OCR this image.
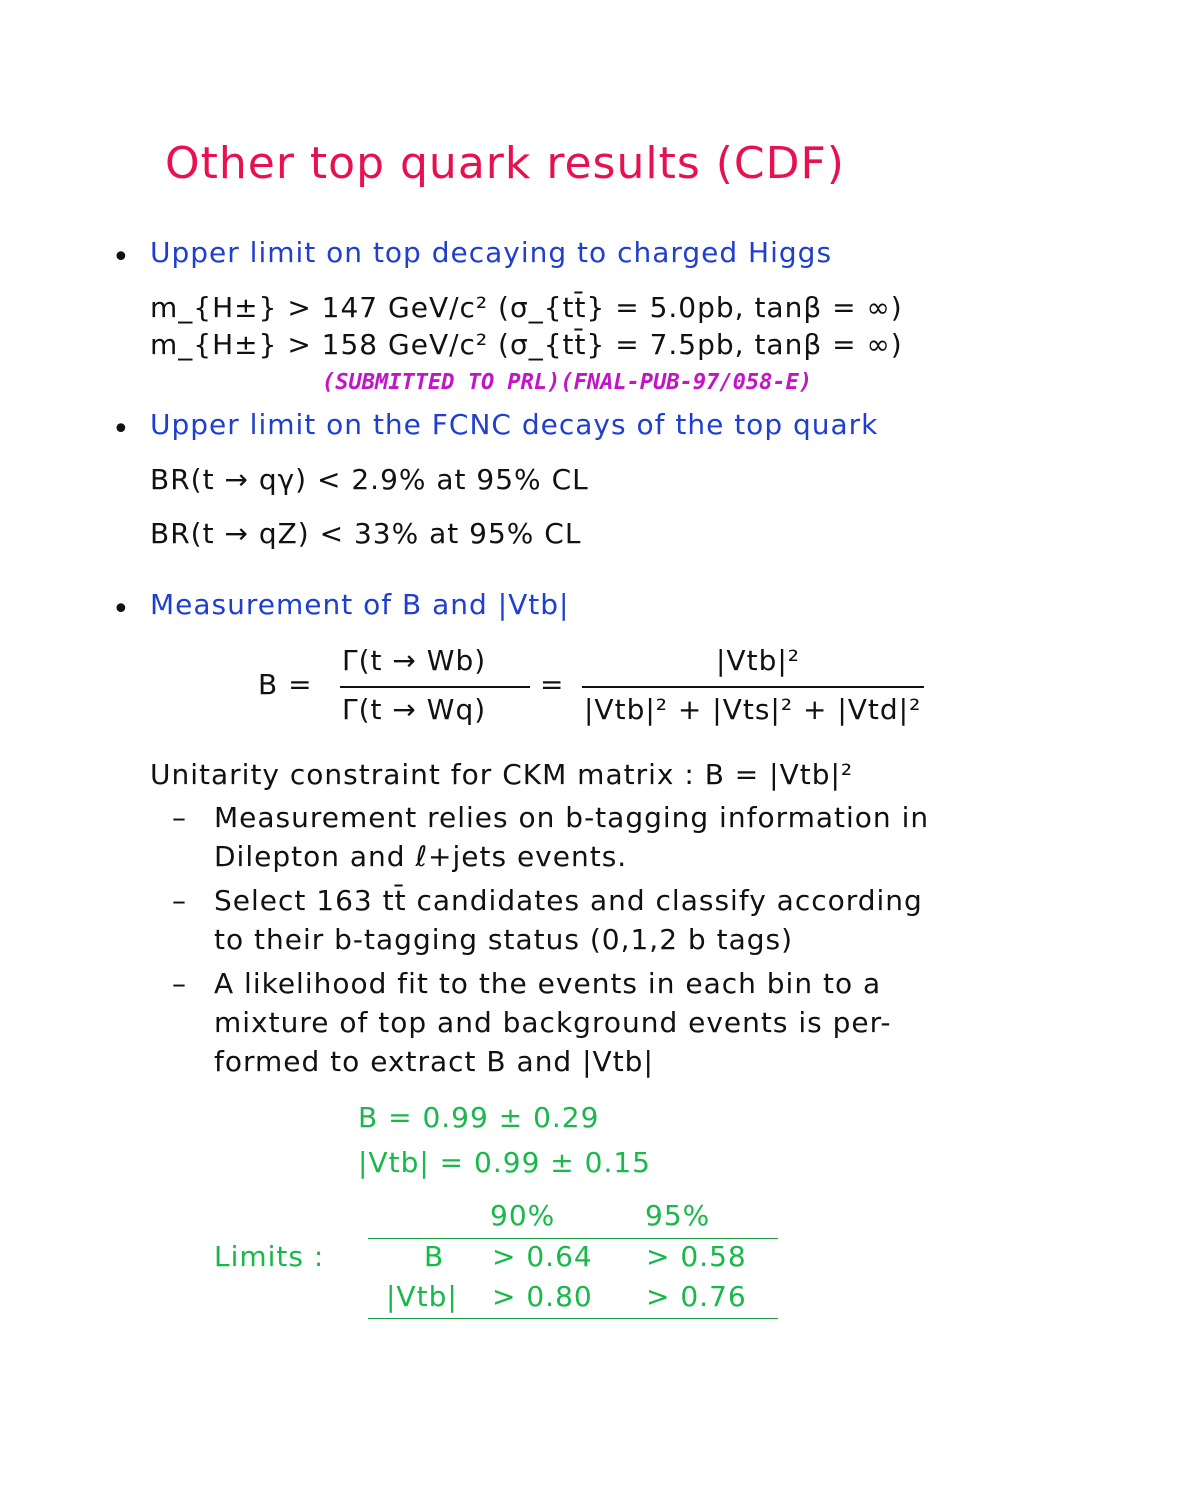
Other top quark results (CDF)
• Upper limit on top decaying to charged Higgs
m_{H±} > 147 GeV/c² (σ_{tt̄} = 5.0pb, tanβ = ∞)
m_{H±} > 158 GeV/c² (σ_{tt̄} = 7.5pb, tanβ = ∞)
(SUBMITTED TO PRL)(FNAL-PUB-97/058-E)
• Upper limit on the FCNC decays of the top quark
BR(t → qγ) < 2.9% at 95% CL
BR(t → qZ) < 33% at 95% CL
• Measurement of B and |Vtb|
B =
Γ(t → Wb)
Γ(t → Wq)
=
|Vtb|²
|Vtb|² + |Vts|² + |Vtd|²
Unitarity constraint for CKM matrix : B = |Vtb|²
– Measurement relies on b-tagging information in
Dilepton and ℓ+jets events.
– Select 163 tt̄ candidates and classify according
to their b-tagging status (0,1,2 b tags)
– A likelihood fit to the events in each bin to a
mixture of top and background events is per-
formed to extract B and |Vtb|
B = 0.99 ± 0.29
|Vtb| = 0.99 ± 0.15
90%	95%
Limits :	B > 0.64 > 0.58
|Vtb| > 0.80 > 0.76
